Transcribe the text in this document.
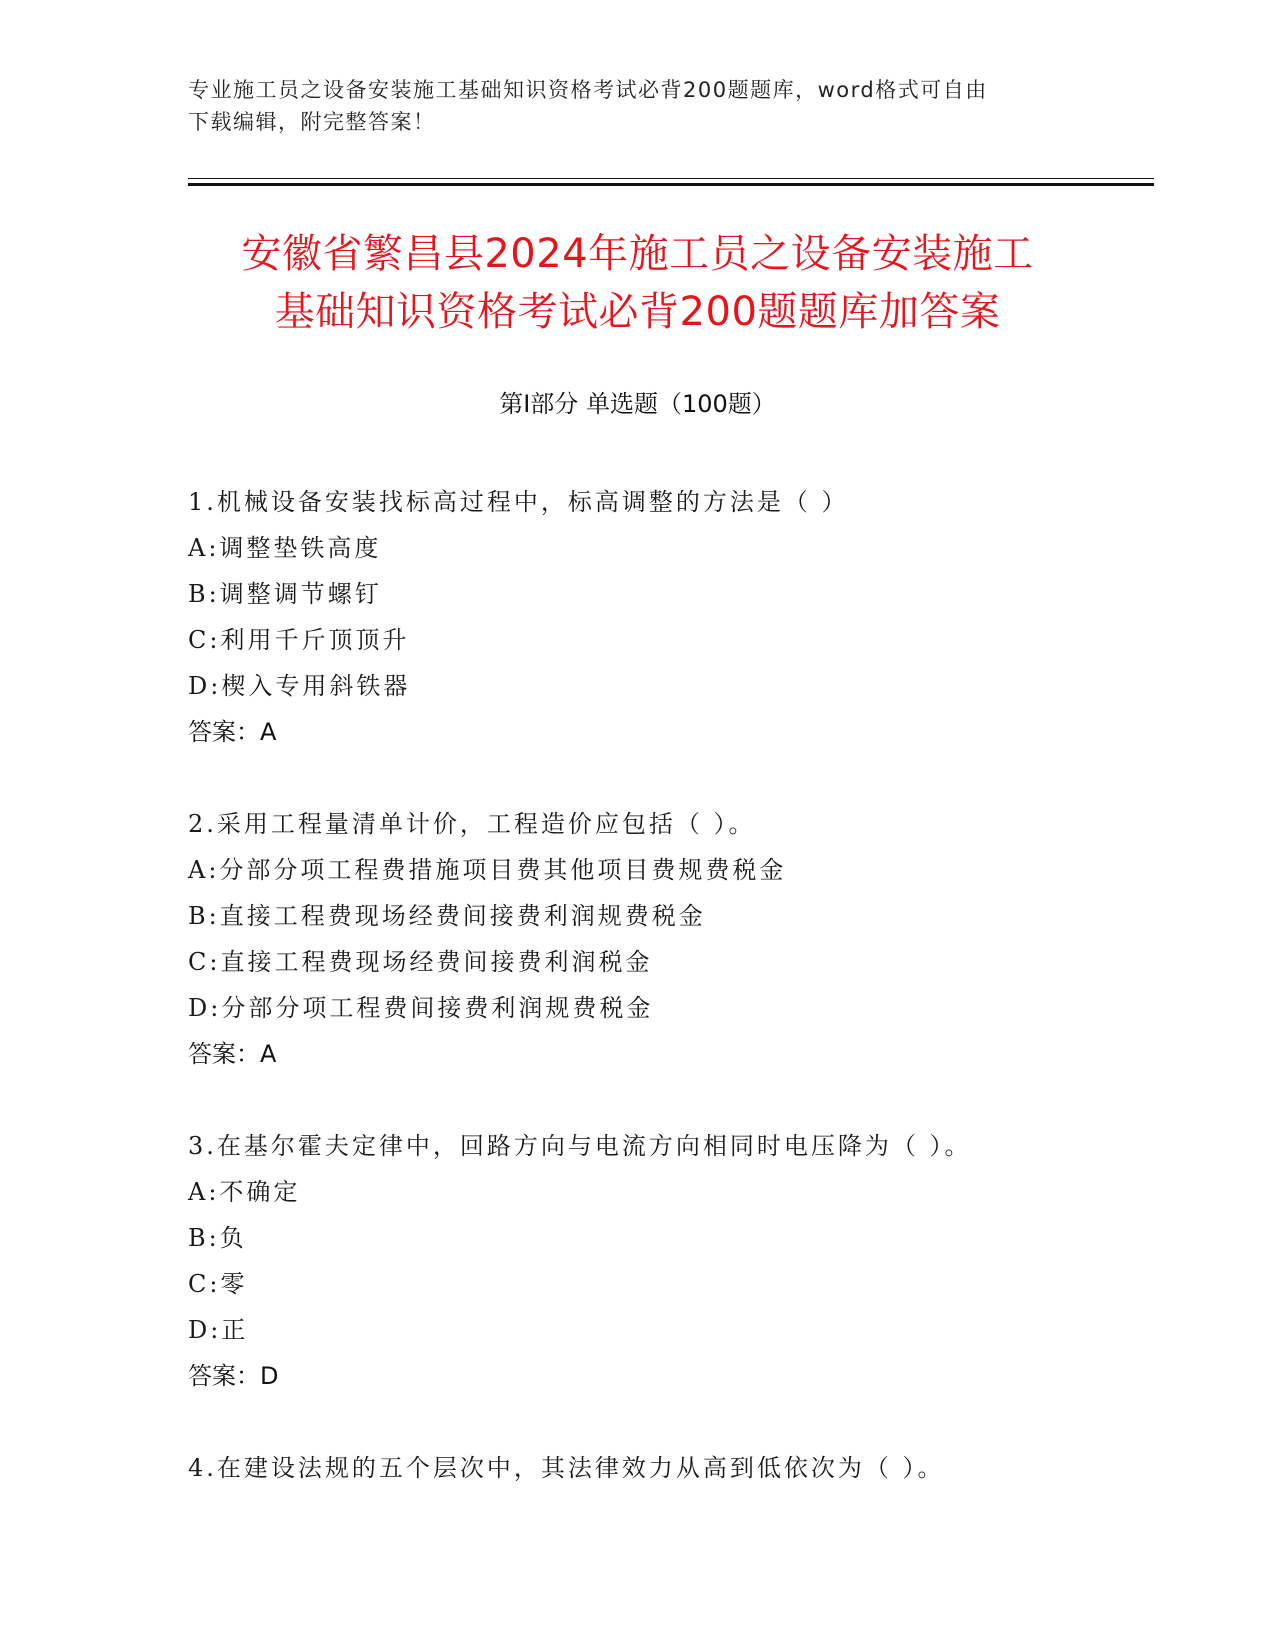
专业施工员之设备安装施工基础知识资格考试必背200题题库，word格式可自由
下载编辑，附完整答案！
安徽省繁昌县2024年施工员之设备安装施工
基础知识资格考试必背200题题库加答案
第Ⅰ部分 单选题（100题）
1.机械设备安装找标高过程中，标高调整的方法是（ ）
A:调整垫铁高度
B:调整调节螺钉
C:利用千斤顶顶升
D:楔入专用斜铁器
答案：A
2.采用工程量清单计价，工程造价应包括（ ）。
A:分部分项工程费措施项目费其他项目费规费税金
B:直接工程费现场经费间接费利润规费税金
C:直接工程费现场经费间接费利润税金
D:分部分项工程费间接费利润规费税金
答案：A
3.在基尔霍夫定律中，回路方向与电流方向相同时电压降为（ ）。
A:不确定
B:负
C:零
D:正
答案：D
4.在建设法规的五个层次中，其法律效力从高到低依次为（ ）。
